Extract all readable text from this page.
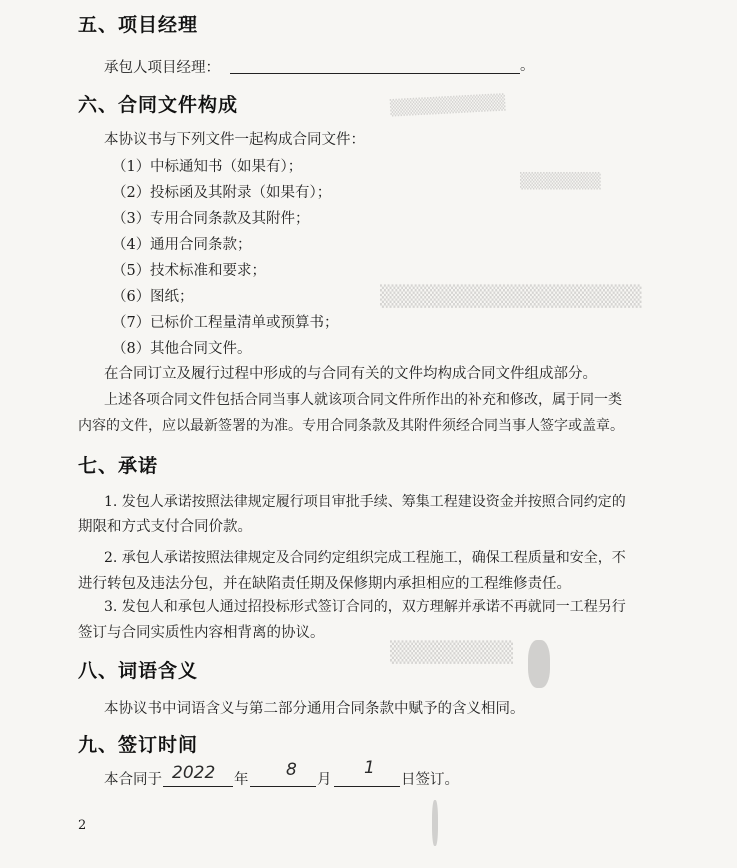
▒▒▒▒▒▒▒▒▒▒
▒▒▒▒▒▒▒
▒▒▒▒▒▒▒▒▒▒▒▒▒▒▒▒▒
▒▒▒▒▒▒▒▒
五、项目经理
承包人项目经理：	。
六、合同文件构成
本协议书与下列文件一起构成合同文件：
（1）中标通知书（如果有）；
（2）投标函及其附录（如果有）；
（3）专用合同条款及其附件；
（4）通用合同条款；
（5）技术标准和要求；
（6）图纸；
（7）已标价工程量清单或预算书；
（8）其他合同文件。
在合同订立及履行过程中形成的与合同有关的文件均构成合同文件组成部分。
上述各项合同文件包括合同当事人就该项合同文件所作出的补充和修改，属于同一类
内容的文件，应以最新签署的为准。专用合同条款及其附件须经合同当事人签字或盖章。
七、承诺
1. 发包人承诺按照法律规定履行项目审批手续、筹集工程建设资金并按照合同约定的
期限和方式支付合同价款。
2. 承包人承诺按照法律规定及合同约定组织完成工程施工，确保工程质量和安全，不
进行转包及违法分包，并在缺陷责任期及保修期内承担相应的工程维修责任。
3. 发包人和承包人通过招投标形式签订合同的，双方理解并承诺不再就同一工程另行
签订与合同实质性内容相背离的协议。
八、词语含义
本协议书中词语含义与第二部分通用合同条款中赋予的含义相同。
九、签订时间
本合同于 2022 年 8 月
1
日签订。
2
